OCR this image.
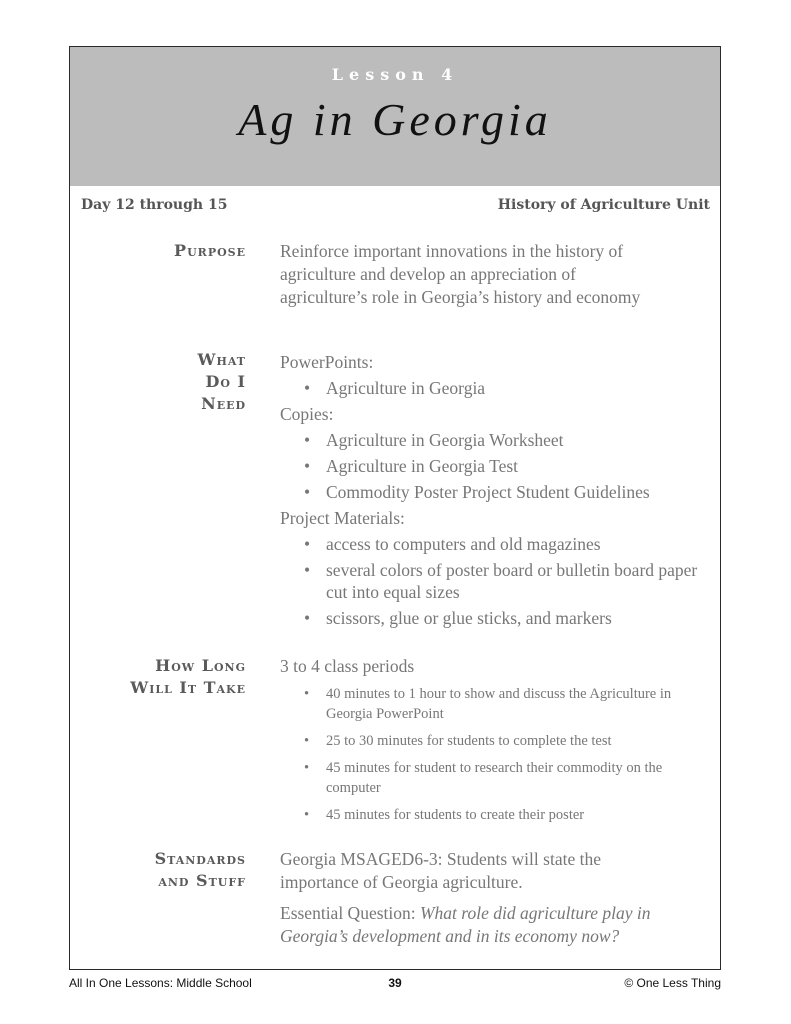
Lesson 4
Ag in Georgia
Day 12 through 15	History of Agriculture Unit
Purpose Reinforce important innovations in the history of
agriculture and develop an appreciation of
agriculture’s role in Georgia’s history and economy
What
Do I
Need
PowerPoints:
• Agriculture in Georgia
Copies:
• Agriculture in Georgia Worksheet
• Agriculture in Georgia Test
• Commodity Poster Project Student Guidelines
Project Materials:
• access to computers and old magazines
• several colors of poster board or bulletin board paper cut into equal sizes
• scissors, glue or glue sticks, and markers
How Long
Will It Take
3 to 4 class periods
• 40 minutes to 1 hour to show and discuss the Agriculture in Georgia PowerPoint
• 25 to 30 minutes for students to complete the test
• 45 minutes for student to research their commodity on the computer
• 45 minutes for students to create their poster
Standards
and Stuff
Georgia MSAGED6-3: Students will state the
importance of Georgia agriculture.
Essential Question: What role did agriculture play in
Georgia’s development and in its economy now?
All In One Lessons: Middle School	39	© One Less Thing
